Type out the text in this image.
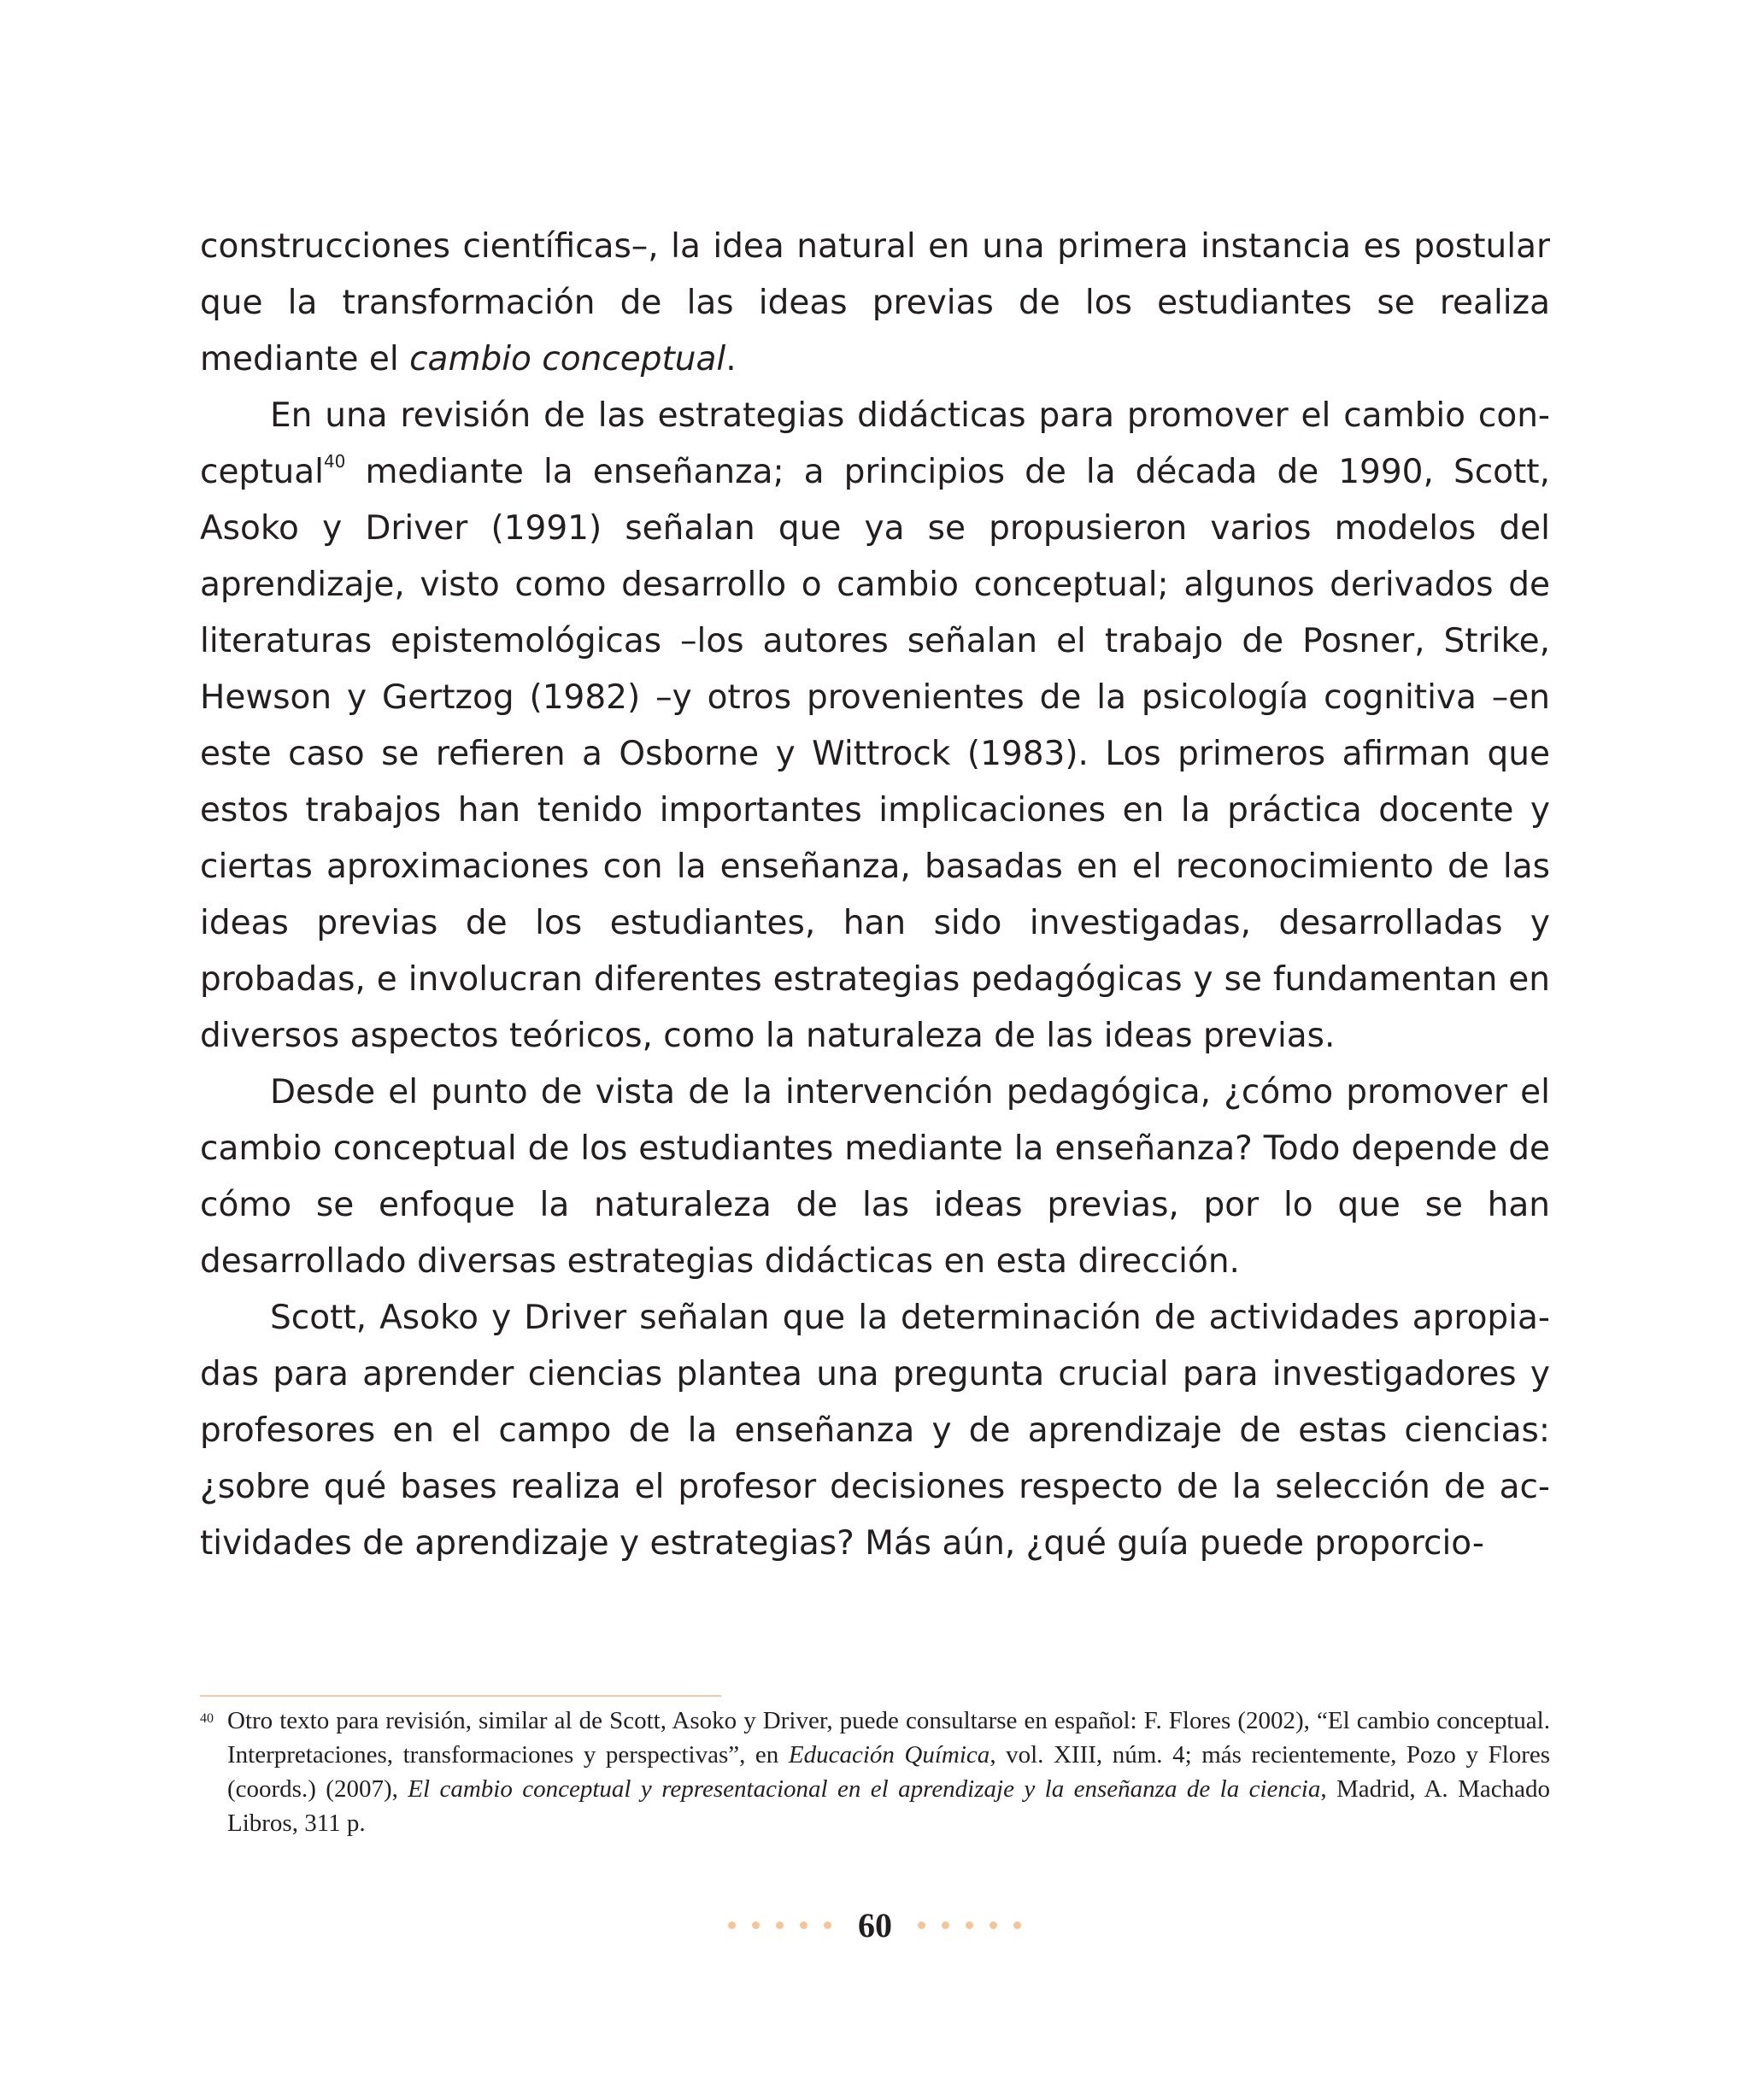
construcciones científicas–, la idea natural en una primera instancia es postular que la transformación de las ideas previas de los estudiantes se realiza mediante el cambio conceptual.

En una revisión de las estrategias didácticas para promover el cambio conceptual$^{40}$ mediante la enseñanza; a principios de la década de 1990, Scott, Asoko y Driver (1991) señalan que ya se propusieron varios modelos del aprendizaje, visto como desarrollo o cambio conceptual; algunos derivados de literaturas epistemológicas –los autores señalan el trabajo de Posner, Strike, Hewson y Gertzog (1982) –y otros provenientes de la psicología cognitiva –en este caso se refieren a Osborne y Wittrock (1983). Los primeros afirman que estos trabajos han tenido importantes implicaciones en la práctica docente y ciertas aproximaciones con la enseñanza, basadas en el reconocimiento de las ideas previas de los estudiantes, han sido investigadas, desarrolladas y probadas, e involucran diferentes estrategias pedagógicas y se fundamentan en diversos aspectos teóricos, como la naturaleza de las ideas previas.

Desde el punto de vista de la intervención pedagógica, ¿cómo promover el cambio conceptual de los estudiantes mediante la enseñanza? Todo depende de cómo se enfoque la naturaleza de las ideas previas, por lo que se han desarrollado diversas estrategias didácticas en esta dirección.

Scott, Asoko y Driver señalan que la determinación de actividades apropiadas para aprender ciencias plantea una pregunta crucial para investigadores y profesores en el campo de la enseñanza y de aprendizaje de estas ciencias: ¿sobre qué bases realiza el profesor decisiones respecto de la selección de actividades de aprendizaje y estrategias? Más aún, ¿qué guía puede proporcio-

40 Otro texto para revisión, similar al de Scott, Asoko y Driver, puede consultarse en español: F. Flores (2002), “El cambio conceptual. Interpretaciones, transformaciones y perspectivas”, en Educación Química, vol. XIII, núm. 4; más recientemente, Pozo y Flores (coords.) (2007), El cambio conceptual y representacional en el aprendizaje y la enseñanza de la ciencia, Madrid, A. Machado Libros, 311 p.
60
